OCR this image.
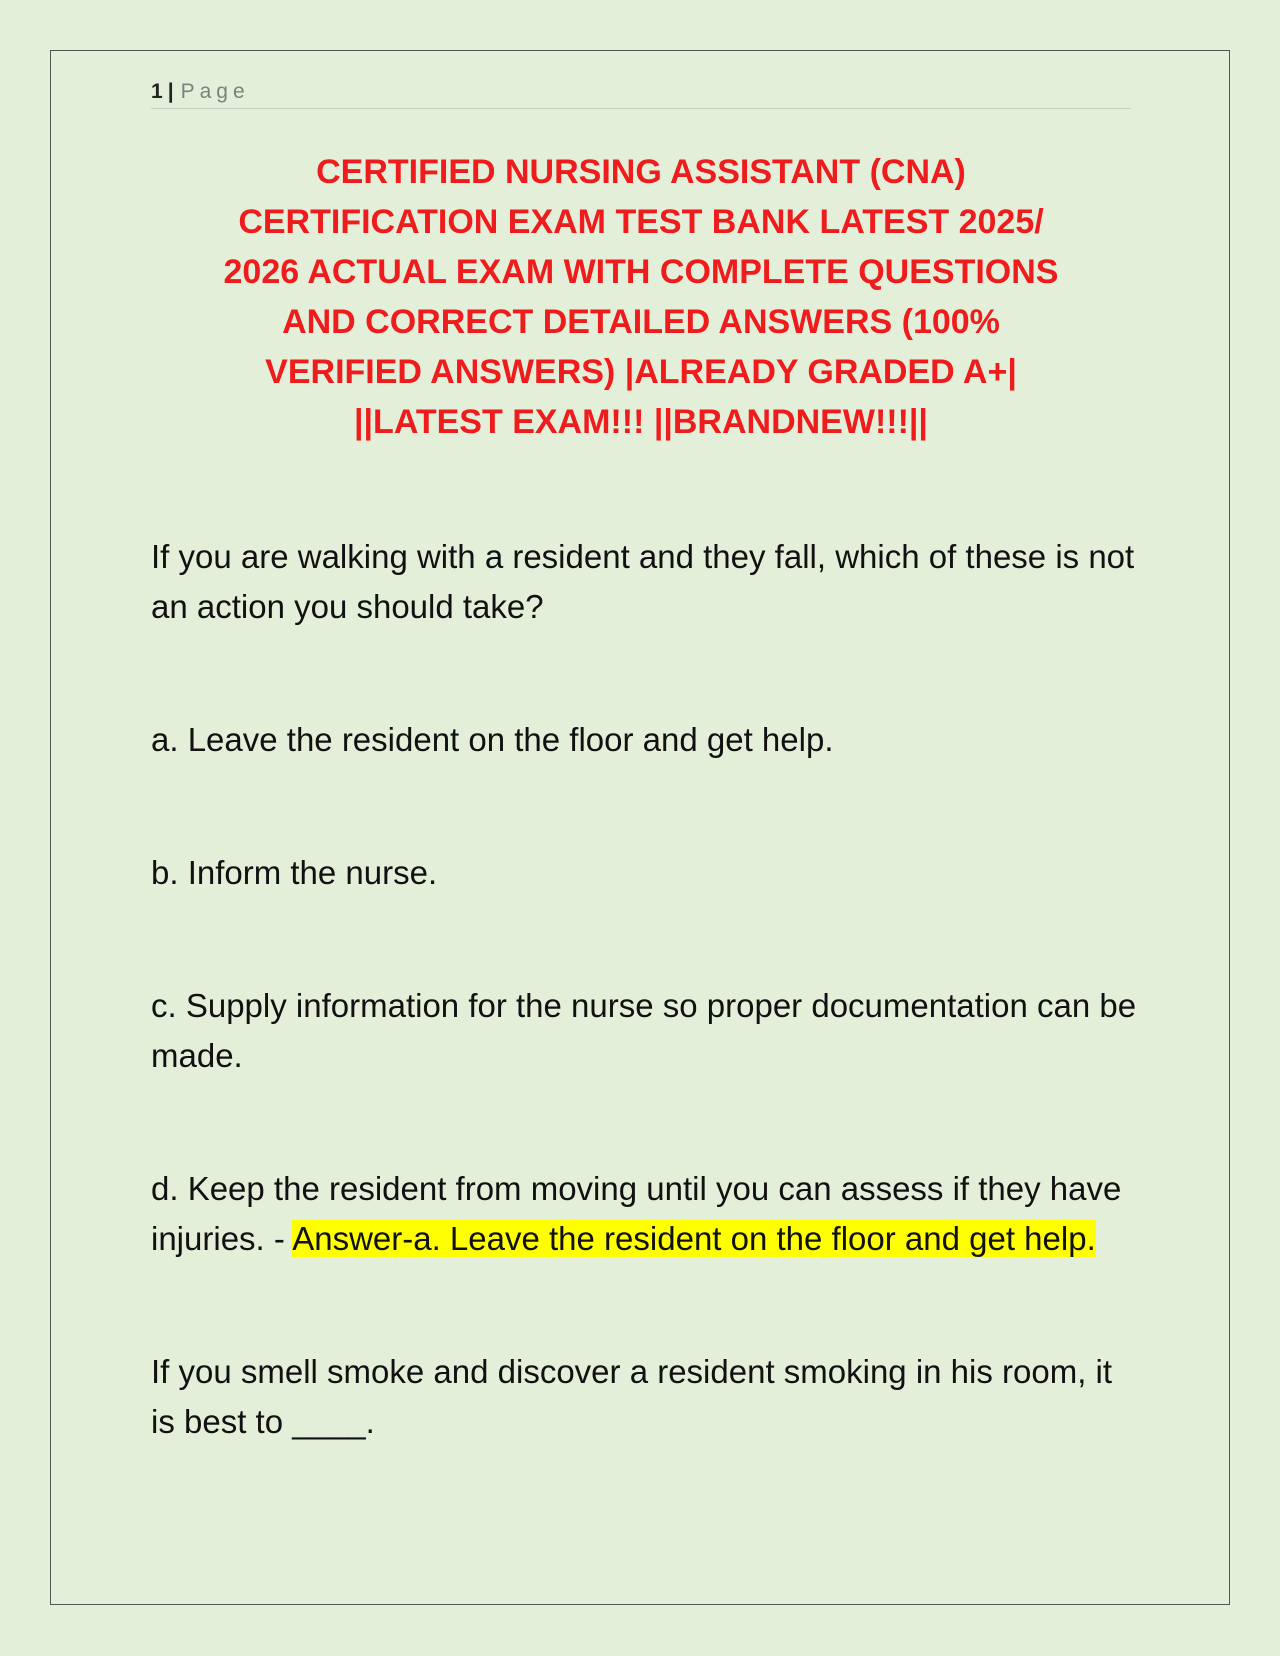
1 | Page
CERTIFIED NURSING ASSISTANT (CNA)
CERTIFICATION EXAM TEST BANK LATEST 2025/
2026 ACTUAL EXAM WITH COMPLETE QUESTIONS
AND CORRECT DETAILED ANSWERS (100%
VERIFIED ANSWERS) |ALREADY GRADED A+|
||LATEST EXAM!!! ||BRANDNEW!!!||

If you are walking with a resident and they fall, which of these is not an action you should take?

a. Leave the resident on the floor and get help.

b. Inform the nurse.

c. Supply information for the nurse so proper documentation can be made.

d. Keep the resident from moving until you can assess if they have injuries. - Answer-a. Leave the resident on the floor and get help.

If you smell smoke and discover a resident smoking in his room, it is best to ____.
